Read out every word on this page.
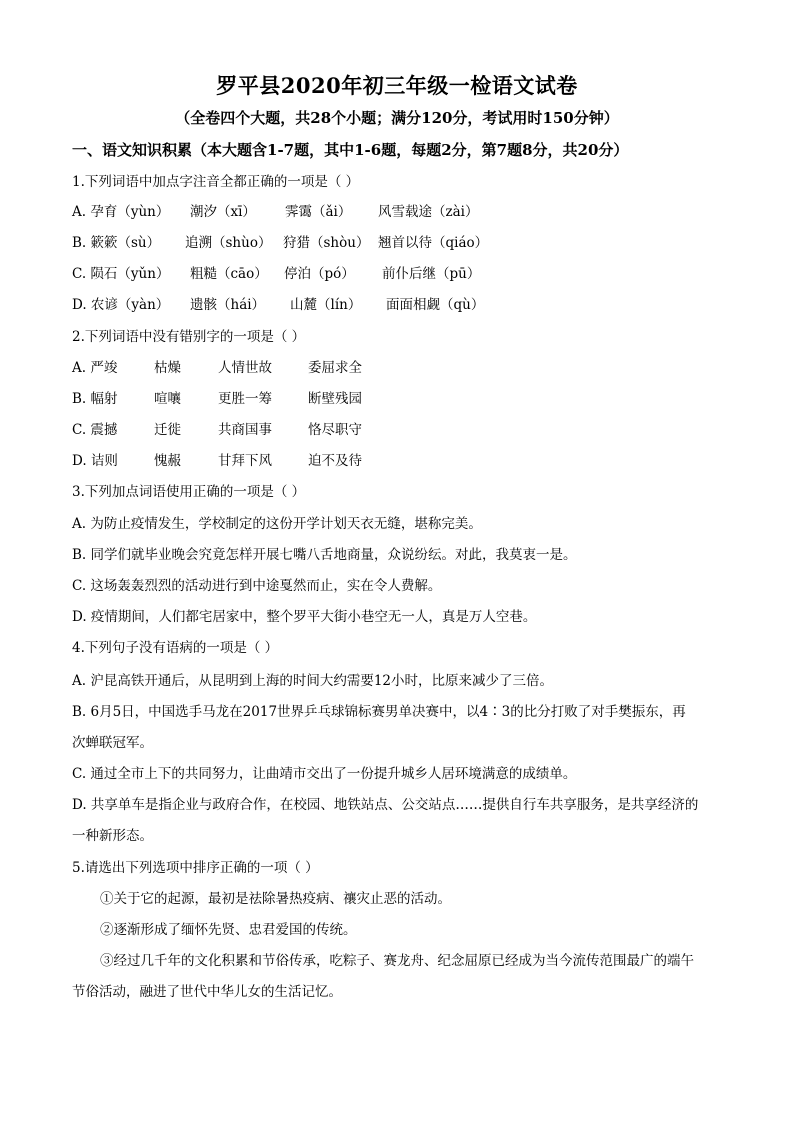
罗平县2020年初三年级一检语文试卷
（全卷四个大题，共28个小题；满分120分，考试用时150分钟）
一、语文知识积累（本大题含1-7题，其中1-6题，每题2分，第7题8分，共20分）
1.下列词语中加点字注音全都正确的一项是（ ）
A. 孕育（yùn） 潮汐（xī） 霁霭（ǎi） 风雪载途（zài）
B. 簌簌（sù） 追溯（shùo） 狩猎（shòu） 翘首以待（qiáo）
C. 陨石（yǔn） 粗糙（cāo） 停泊（pó） 前仆后继（pū）
D. 农谚（yàn） 遗骸（hái） 山麓（lín） 面面相觑（qù）
2.下列词语中没有错别字的一项是（ ）
A. 严竣	枯燥	人情世故	委屈求全
B. 幅射	喧嚷	更胜一筹	断壁残园
C. 震撼	迁徙	共商国事	恪尽职守
D. 诘则	愧赧	甘拜下风	迫不及待
3.下列加点词语使用正确的一项是（ ）
A. 为防止疫情发生，学校制定的这份开学计划天衣无缝，堪称完美。
B. 同学们就毕业晚会究竟怎样开展七嘴八舌地商量，众说纷纭。对此，我莫衷一是。
C. 这场轰轰烈烈的活动进行到中途戛然而止，实在令人费解。
D. 疫情期间，人们都宅居家中，整个罗平大街小巷空无一人，真是万人空巷。
4.下列句子没有语病的一项是（ ）
A. 沪昆高铁开通后，从昆明到上海的时间大约需要12小时，比原来减少了三倍。
B. 6月5日，中国选手马龙在2017世界乒乓球锦标赛男单决赛中，以4∶3的比分打败了对手樊振东，再
次蝉联冠军。
C. 通过全市上下的共同努力，让曲靖市交出了一份提升城乡人居环境满意的成绩单。
D. 共享单车是指企业与政府合作，在校园、地铁站点、公交站点……提供自行车共享服务，是共享经济的
一种新形态。
5.请选出下列选项中排序正确的一项（ ）
①关于它的起源，最初是祛除暑热疫病、禳灾止恶的活动。
②逐渐形成了缅怀先贤、忠君爱国的传统。
③经过几千年的文化积累和节俗传承，吃粽子、赛龙舟、纪念屈原已经成为当今流传范围最广的端午
节俗活动，融进了世代中华儿女的生活记忆。
